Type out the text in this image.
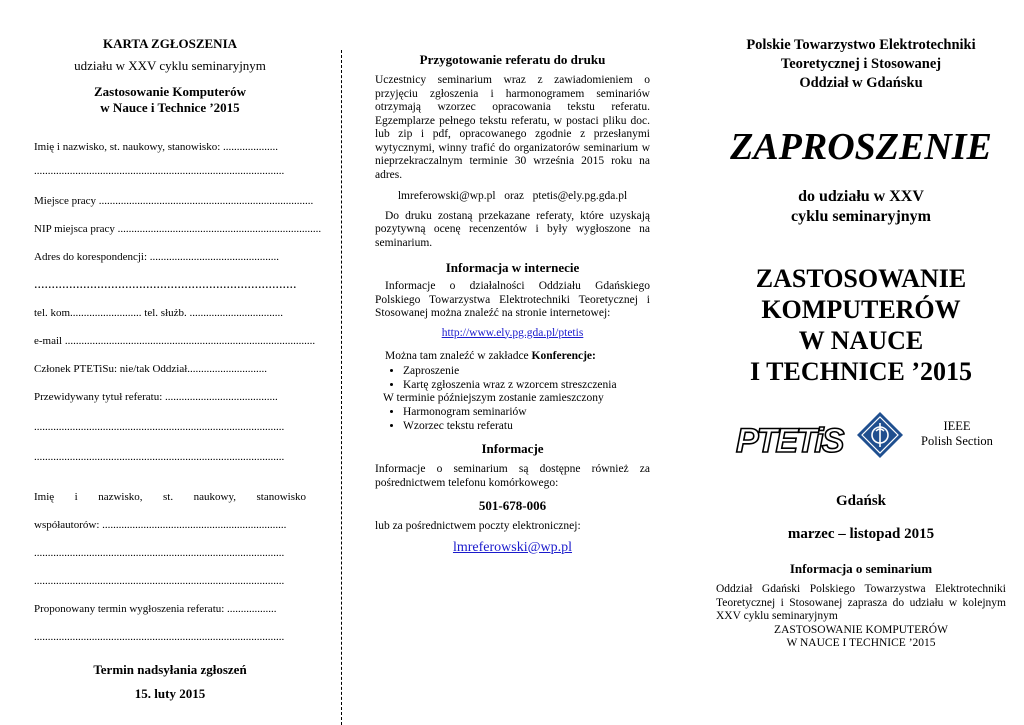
KARTA ZGŁOSZENIA
udziału w XXV cyklu seminaryjnym
Zastosowanie Komputerów
w Nauce i Technice ’2015
Imię i nazwisko, st. naukowy, stanowisko: ....................
...........................................................................................
Miejsce pracy ..............................................................................
NIP miejsca pracy ..........................................................................
Adres do korespondencji: ...............................................
...........................................................................
tel. kom.......................... tel. służb. ..................................
e-mail ...........................................................................................
Członek PTETiSu: nie/tak Oddział.............................
Przewidywany tytuł referatu: .........................................
...........................................................................................
...........................................................................................
Imię i nazwisko, st. naukowy, stanowisko
współautorów: ...................................................................
...........................................................................................
...........................................................................................
Proponowany termin wygłoszenia referatu: ..................
...........................................................................................
Termin nadsyłania zgłoszeń
15. luty 2015
Przygotowanie referatu do druku
Uczestnicy seminarium wraz z zawiadomieniem o przyjęciu zgłoszenia i harmonogramem seminariów otrzymają wzorzec opracowania tekstu referatu. Egzemplarze pełnego tekstu referatu, w postaci pliku doc. lub zip i pdf, opracowanego zgodnie z przesłanymi wytycznymi, winny trafić do organizatorów seminarium w nieprzekraczalnym terminie 30 września 2015 roku na adres.
lmreferowski@wp.pl   oraz   ptetis@ely.pg.gda.pl
Do druku zostaną przekazane referaty, które uzyskają pozytywną ocenę recenzentów i były wygłoszone na seminarium.
Informacja w internecie
Informacje o działalności Oddziału Gdańskiego Polskiego Towarzystwa Elektrotechniki Teoretycznej i Stosowanej można znaleźć na stronie internetowej:
http://www.ely.pg.gda.pl/ptetis
Można tam znaleźć w zakładce Konferencje:
• Zaproszenie
• Kartę zgłoszenia wraz z wzorcem streszczenia
W terminie późniejszym zostanie zamieszczony
• Harmonogram seminariów
• Wzorzec tekstu referatu
Informacje
Informacje o seminarium są dostępne również za pośrednictwem telefonu komórkowego:
501-678-006
lub za pośrednictwem poczty elektronicznej:
lmreferowski@wp.pl
Polskie Towarzystwo Elektrotechniki
Teoretycznej i Stosowanej
Oddział w Gdańsku
ZAPROSZENIE
do udziału w XXV
cyklu seminaryjnym
ZASTOSOWANIE
KOMPUTERÓW
W NAUCE
I TECHNICE ’2015
PTETiS	IEEE
Polish Section
Gdańsk
marzec – listopad 2015
Informacja o seminarium
Oddział Gdański Polskiego Towarzystwa Elektrotechniki Teoretycznej i Stosowanej zaprasza do udziału w kolejnym XXV cyklu seminaryjnym
ZASTOSOWANIE KOMPUTERÓW
W NAUCE I TECHNICE ’2015
